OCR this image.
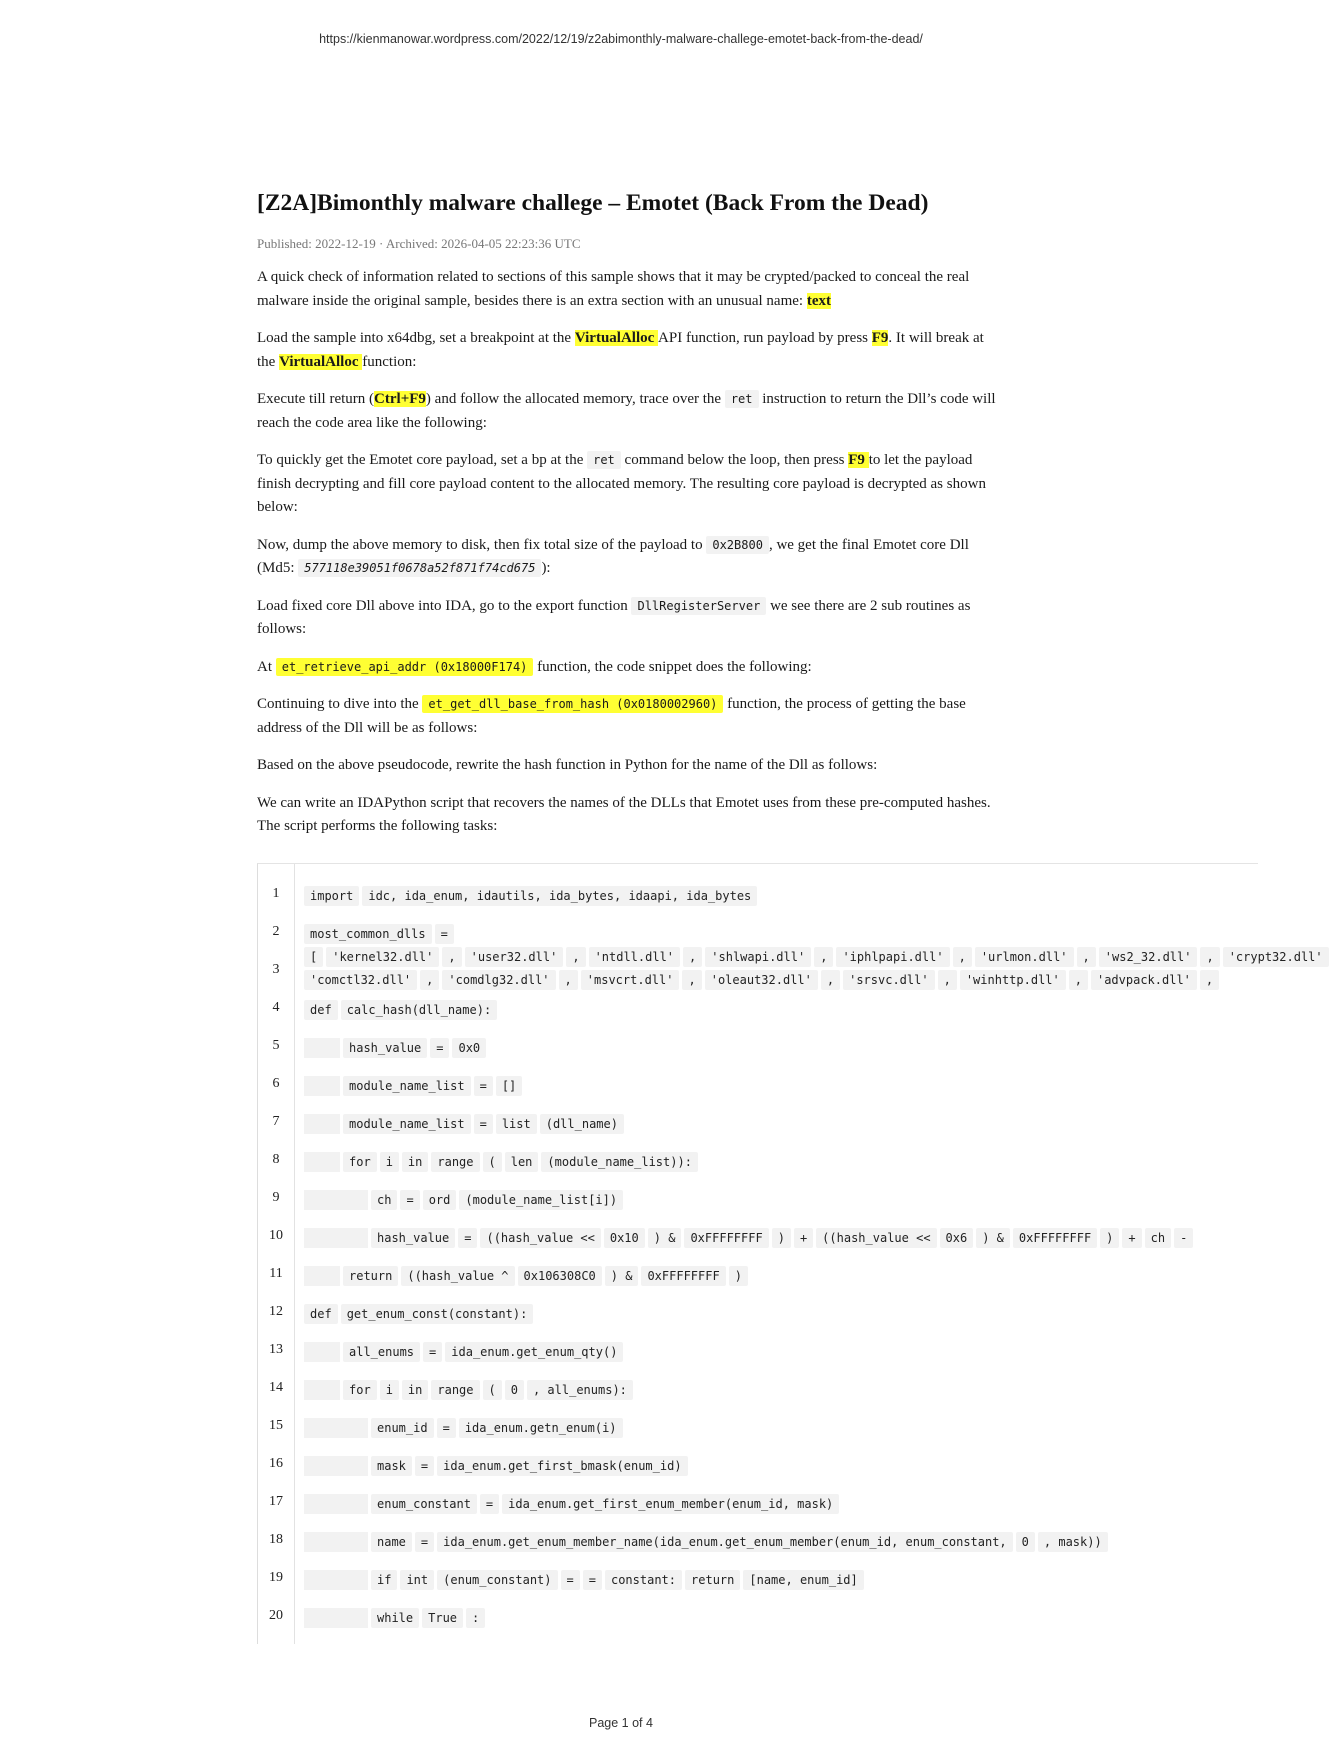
https://kienmanowar.wordpress.com/2022/12/19/z2abimonthly-malware-challege-emotet-back-from-the-dead/
[Z2A]Bimonthly malware challege – Emotet (Back From the Dead)
Published: 2022-12-19 · Archived: 2026-04-05 22:23:36 UTC

A quick check of information related to sections of this sample shows that it may be crypted/packed to conceal the real malware inside the original sample, besides there is an extra section with an unusual name: text

Load the sample into x64dbg, set a breakpoint at the VirtualAlloc API function, run payload by press F9. It will break at the VirtualAlloc function:

Execute till return (Ctrl+F9) and follow the allocated memory, trace over the ret instruction to return the Dll’s code will reach the code area like the following:

To quickly get the Emotet core payload, set a bp at the ret command below the loop, then press F9 to let the payload finish decrypting and fill core payload content to the allocated memory. The resulting core payload is decrypted as shown below:

Now, dump the above memory to disk, then fix total size of the payload to 0x2B800 , we get the final Emotet core Dll (Md5: 577118e39051f0678a52f871f74cd675 ):

Load fixed core Dll above into IDA, go to the export function DllRegisterServer we see there are 2 sub routines as follows:

At et_retrieve_api_addr (0x18000F174) function, the code snippet does the following:

Continuing to dive into the et_get_dll_base_from_hash (0x0180002960) function, the process of getting the base address of the Dll will be as follows:

Based on the above pseudocode, rewrite the hash function in Python for the name of the Dll as follows:

We can write an IDAPython script that recovers the names of the DLLs that Emotet uses from these pre-computed hashes. The script performs the following tasks:

1
2
3
4
5
6
7
8
9
10
11
12
13
14
15
16
17
18
19
20
import idc, ida_enum, idautils, ida_bytes, idaapi, ida_bytes
most_common_dlls =
[ 'kernel32.dll' , 'user32.dll' , 'ntdll.dll' , 'shlwapi.dll' , 'iphlpapi.dll' , 'urlmon.dll' , 'ws2_32.dll' , 'crypt32.dll'
'comctl32.dll' , 'comdlg32.dll' , 'msvcrt.dll' , 'oleaut32.dll' , 'srsvc.dll' , 'winhttp.dll' , 'advpack.dll' ,
def calc_hash(dll_name):
hash_value = 0x0
module_name_list = []
module_name_list = list (dll_name)
for i in range ( len (module_name_list)):
ch = ord (module_name_list[i])
hash_value = ((hash_value << 0x10 ) & 0xFFFFFFFF ) + ((hash_value << 0x6 ) & 0xFFFFFFFF ) + ch -
return ((hash_value ^ 0x106308C0 ) & 0xFFFFFFFF )
def get_enum_const(constant):
all_enums = ida_enum.get_enum_qty()
for i in range ( 0 , all_enums):
enum_id = ida_enum.getn_enum(i)
mask = ida_enum.get_first_bmask(enum_id)
enum_constant = ida_enum.get_first_enum_member(enum_id, mask)
name = ida_enum.get_enum_member_name(ida_enum.get_enum_member(enum_id, enum_constant, 0 , mask))
if int (enum_constant) = = constant: return [name, enum_id]
while True :
Page 1 of 4
